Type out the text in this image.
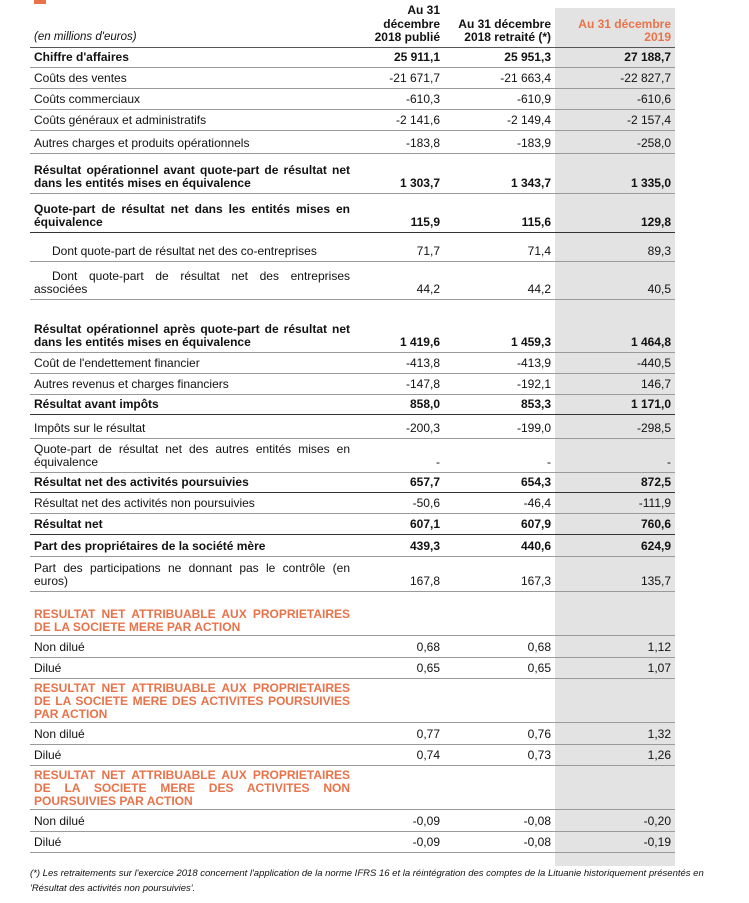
(en millions d'euros)	Au 31 décembre 2018 publié	Au 31 décembre 2018 retraité (*)	Au 31 décembre 2019
Chiffre d'affaires	25 911,1	25 951,3	27 188,7
Coûts des ventes	-21 671,7	-21 663,4	-22 827,7
Coûts commerciaux	-610,3	-610,9	-610,6
Coûts généraux et administratifs	-2 141,6	-2 149,4	-2 157,4
Autres charges et produits opérationnels	-183,8	-183,9	-258,0
Résultat opérationnel avant quote-part de résultat net dans les entités mises en équivalence	1 303,7	1 343,7	1 335,0
Quote-part de résultat net dans les entités mises en équivalence	115,9	115,6	129,8
Dont quote-part de résultat net des co-entreprises	71,7	71,4	89,3
Dont quote-part de résultat net des entreprises associées	44,2	44,2	40,5
Résultat opérationnel après quote-part de résultat net dans les entités mises en équivalence	1 419,6	1 459,3	1 464,8
Coût de l'endettement financier	-413,8	-413,9	-440,5
Autres revenus et charges financiers	-147,8	-192,1	146,7
Résultat avant impôts	858,0	853,3	1 171,0
Impôts sur le résultat	-200,3	-199,0	-298,5
Quote-part de résultat net des autres entités mises en équivalence	-	-	-
Résultat net des activités poursuivies	657,7	654,3	872,5
Résultat net des activités non poursuivies	-50,6	-46,4	-111,9
Résultat net	607,1	607,9	760,6
Part des propriétaires de la société mère	439,3	440,6	624,9
Part des participations ne donnant pas le contrôle (en euros)	167,8	167,3	135,7
RESULTAT NET ATTRIBUABLE AUX PROPRIETAIRES DE LA SOCIETE MERE PAR ACTION			
Non dilué	0,68	0,68	1,12
Dilué	0,65	0,65	1,07
RESULTAT NET ATTRIBUABLE AUX PROPRIETAIRES DE LA SOCIETE MERE DES ACTIVITES POURSUIVIES PAR ACTION			
Non dilué	0,77	0,76	1,32
Dilué	0,74	0,73	1,26
RESULTAT NET ATTRIBUABLE AUX PROPRIETAIRES DE LA SOCIETE MERE DES ACTIVITES NON POURSUIVIES PAR ACTION			
Non dilué	-0,09	-0,08	-0,20
Dilué	-0,09	-0,08	-0,19
(*) Les retraitements sur l'exercice 2018 concernent l'application de la norme IFRS 16 et la réintégration des comptes de la Lituanie historiquement présentés en 'Résultat des activités non poursuivies'.
